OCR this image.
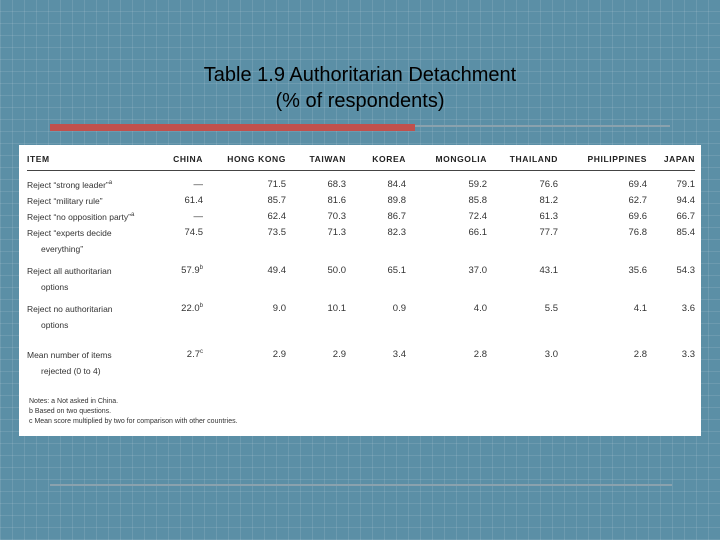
Table 1.9 Authoritarian Detachment
(% of respondents)
ITEM	CHINA	HONG KONG	TAIWAN	KOREA	MONGOLIA	THAILAND	PHILIPPINES	JAPAN
Reject “strong leader”$^a$	—	71.5	68.3	84.4	59.2	76.6	69.4	79.1
Reject “military rule”	61.4	85.7	81.6	89.8	85.8	81.2	62.7	94.4
Reject “no opposition party”$^a$	—	62.4	70.3	86.7	72.4	61.3	69.6	66.7
Reject “experts decide
everything”	74.5	73.5	71.3	82.3	66.1	77.7	76.8	85.4
Reject all authoritarian
options	57.9$^b$	49.4	50.0	65.1	37.0	43.1	35.6	54.3
Reject no authoritarian
options	22.0$^b$	9.0	10.1	0.9	4.0	5.5	4.1	3.6
Mean number of items
rejected (0 to 4)	2.7$^c$	2.9	2.9	3.4	2.8	3.0	2.8	3.3
Notes: a Not asked in China.
b Based on two questions.
c Mean score multiplied by two for comparison with other countries.
